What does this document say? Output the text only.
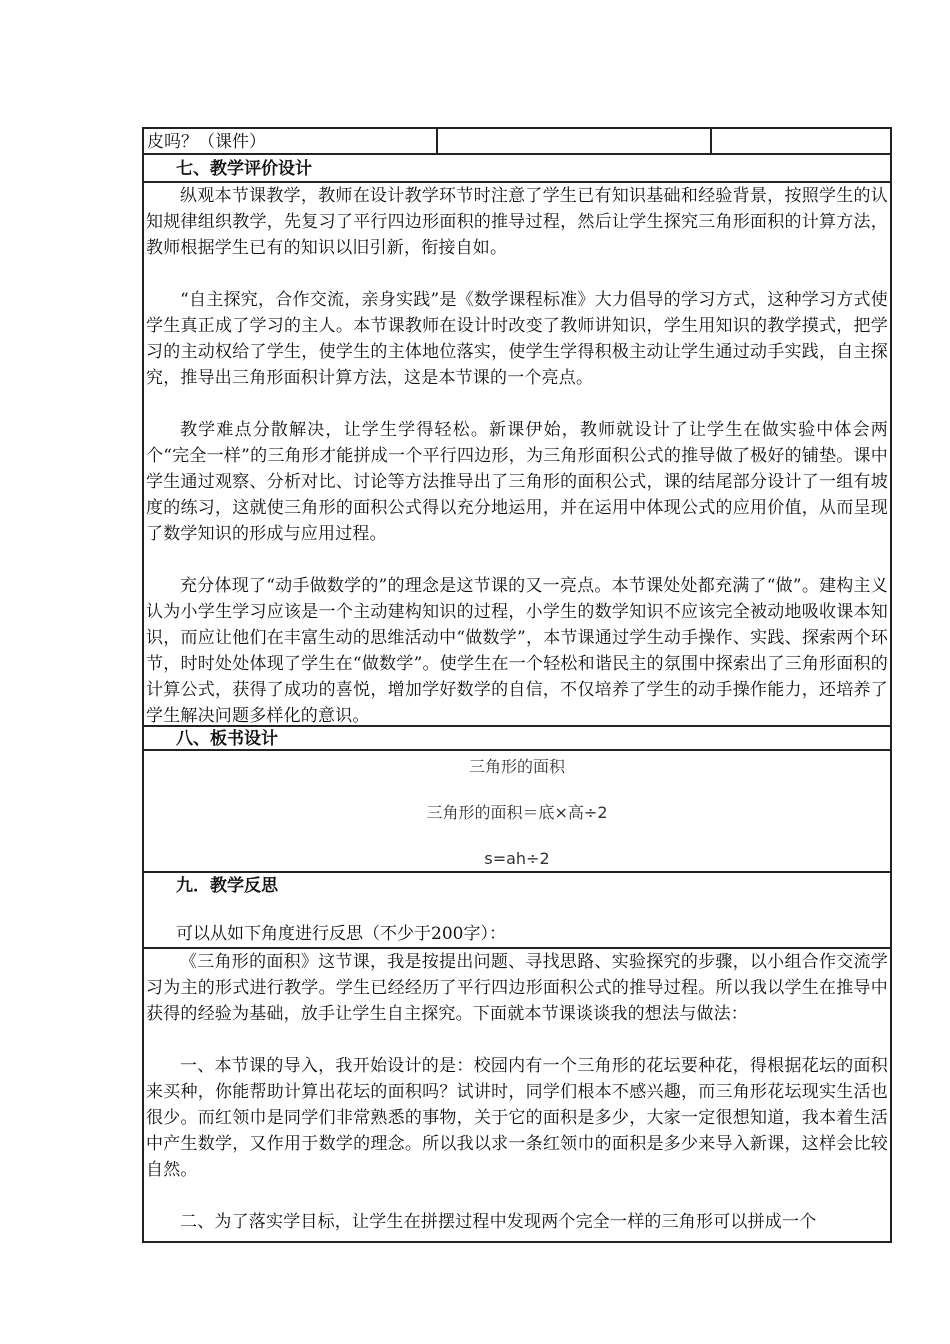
皮吗？（课件）
七、教学评价设计
纵观本节课教学，教师在设计教学环节时注意了学生已有知识基础和经验背景，按照学生的认知规律组织教学，先复习了平行四边形面积的推导过程，然后让学生探究三角形面积的计算方法，教师根据学生已有的知识以旧引新，衔接自如。
“自主探究，合作交流，亲身实践”是《数学课程标准》大力倡导的学习方式，这种学习方式使学生真正成了学习的主人。本节课教师在设计时改变了教师讲知识，学生用知识的教学摸式，把学习的主动权给了学生，使学生的主体地位落实，使学生学得积极主动让学生通过动手实践，自主探究，推导出三角形面积计算方法，这是本节课的一个亮点。
教学难点分散解决，让学生学得轻松。新课伊始，教师就设计了让学生在做实验中体会两个“完全一样”的三角形才能拼成一个平行四边形，为三角形面积公式的推导做了极好的铺垫。课中学生通过观察、分析对比、讨论等方法推导出了三角形的面积公式，课的结尾部分设计了一组有坡度的练习，这就使三角形的面积公式得以充分地运用，并在运用中体现公式的应用价值，从而呈现了数学知识的形成与应用过程。
充分体现了“动手做数学的”的理念是这节课的又一亮点。本节课处处都充满了“做”。建构主义认为小学生学习应该是一个主动建构知识的过程，小学生的数学知识不应该完全被动地吸收课本知识，而应让他们在丰富生动的思维活动中“做数学”，本节课通过学生动手操作、实践、探索两个环节，时时处处体现了学生在“做数学”。使学生在一个轻松和谐民主的氛围中探索出了三角形面积的计算公式，获得了成功的喜悦，增加学好数学的自信，不仅培养了学生的动手操作能力，还培养了学生解决问题多样化的意识。
八、板书设计
三角形的面积
三角形的面积＝底×高÷2
s=ah÷2
九．教学反思
可以从如下角度进行反思（不少于200字）：
《三角形的面积》这节课，我是按提出问题、寻找思路、实验探究的步骤，以小组合作交流学习为主的形式进行教学。学生已经经历了平行四边形面积公式的推导过程。所以我以学生在推导中获得的经验为基础，放手让学生自主探究。下面就本节课谈谈我的想法与做法：
一、本节课的导入，我开始设计的是：校园内有一个三角形的花坛要种花，得根据花坛的面积来买种，你能帮助计算出花坛的面积吗？试讲时，同学们根本不感兴趣，而三角形花坛现实生活也很少。而红领巾是同学们非常熟悉的事物，关于它的面积是多少，大家一定很想知道，我本着生活中产生数学，又作用于数学的理念。所以我以求一条红领巾的面积是多少来导入新课，这样会比较自然。
二、为了落实学目标，让学生在拼摆过程中发现两个完全一样的三角形可以拼成一个
